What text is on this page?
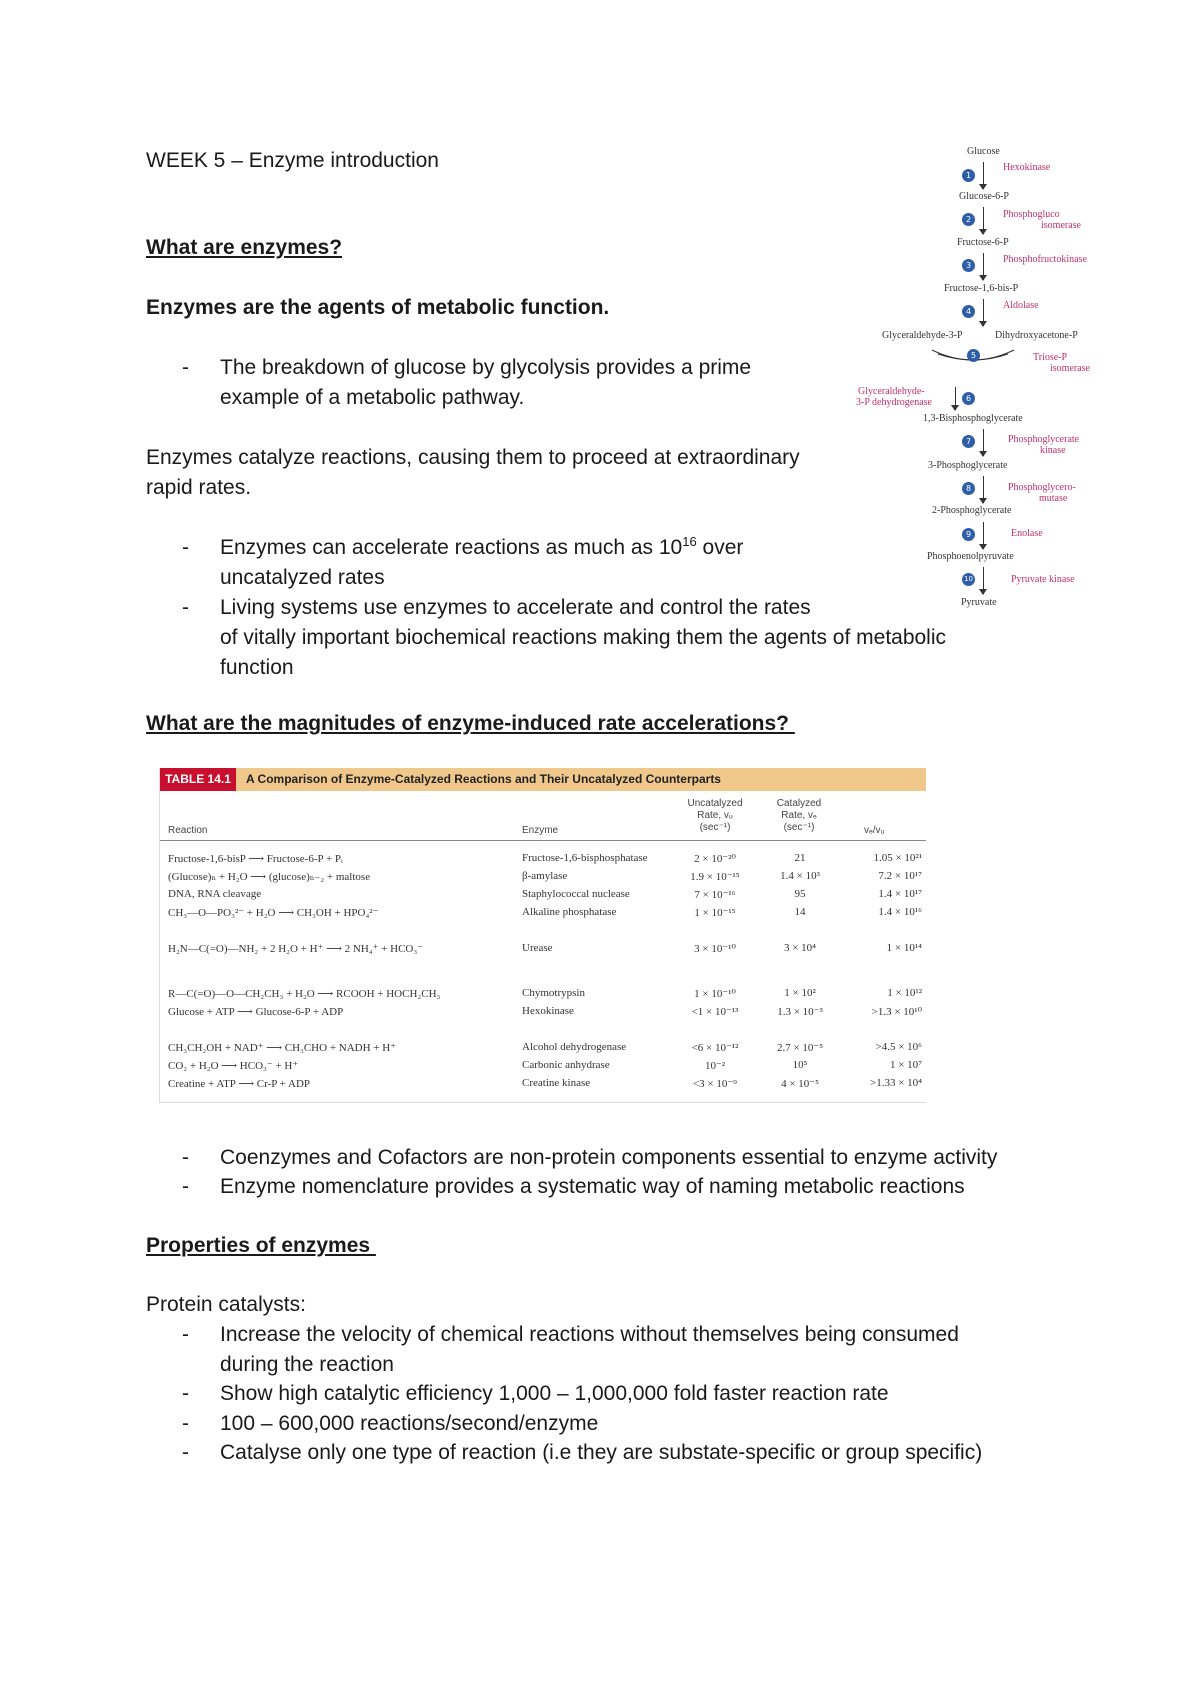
WEEK 5 – Enzyme introduction
What are enzymes?
Enzymes are the agents of metabolic function.
- The breakdown of glucose by glycolysis provides a prime
example of a metabolic pathway.
Enzymes catalyze reactions, causing them to proceed at extraordinary
rapid rates.
- Enzymes can accelerate reactions as much as $10^{16}$ over
uncatalyzed rates
- Living systems use enzymes to accelerate and control the rates
of vitally important biochemical reactions making them the agents of metabolic
function
What are the magnitudes of enzyme-induced rate accelerations?
Glucose
1
Hexokinase
Glucose-6-P
2	Phosphogluco
isomerase
Fructose-6-P
3
Phosphofructokinase
Fructose-1,6-bis-P
4
Aldolase
Glyceraldehyde-3-P	Dihydroxyacetone-P
5	Triose-P
isomerase
Glyceraldehyde-
3-P dehydrogenase	6
1,3-Bisphosphoglycerate
7	Phosphoglycerate
kinase
3-Phosphoglycerate
8	Phosphoglycero-
mutase
2-Phosphoglycerate
9	Enolase
Phosphoenolpyruvate
10	Pyruvate kinase
Pyruvate
TABLE 14.1	A Comparison of Enzyme-Catalyzed Reactions and Their Uncatalyzed Counterparts
Reaction	Enzyme
Uncatalyzed
Rate, vᵤ
(sec⁻¹)
Catalyzed
Rate, vₑ
(sec⁻¹)	vₑ/vᵤ
Fructose-1,6-bisP ⟶ Fructose-6-P + Pᵢ	Fructose-1,6-bisphosphatase	2 × 10⁻²⁰	21	1.05 × 10²¹
(Glucose)ₙ + H₂O ⟶ (glucose)ₙ₋₂ + maltose	β-amylase	1.9 × 10⁻¹⁵	1.4 × 10³	7.2 × 10¹⁷
DNA, RNA cleavage	Staphylococcal nuclease	7 × 10⁻¹⁶	95	1.4 × 10¹⁷
CH₃—O—PO₃²⁻ + H₂O ⟶ CH₃OH + HPO₄²⁻	Alkaline phosphatase	1 × 10⁻¹⁵	14	1.4 × 10¹⁶
H₂N—C(=O)—NH₂ + 2 H₂O + H⁺ ⟶ 2 NH₄⁺ + HCO₃⁻	Urease	3 × 10⁻¹⁰	3 × 10⁴	1 × 10¹⁴
R—C(=O)—O—CH₂CH₃ + H₂O ⟶ RCOOH + HOCH₂CH₃	Chymotrypsin	1 × 10⁻¹⁰	1 × 10²	1 × 10¹²
Glucose + ATP ⟶ Glucose-6-P + ADP	Hexokinase	<1 × 10⁻¹³	1.3 × 10⁻³	>1.3 × 10¹⁰
CH₃CH₂OH + NAD⁺ ⟶ CH₃CHO + NADH + H⁺	Alcohol dehydrogenase	<6 × 10⁻¹²	2.7 × 10⁻⁵	>4.5 × 10⁶
CO₂ + H₂O ⟶ HCO₃⁻ + H⁺	Carbonic anhydrase	10⁻²	10⁵	1 × 10⁷
Creatine + ATP ⟶ Cr-P + ADP	Creatine kinase	<3 × 10⁻⁹	4 × 10⁻⁵	>1.33 × 10⁴
- Coenzymes and Cofactors are non-protein components essential to enzyme activity
- Enzyme nomenclature provides a systematic way of naming metabolic reactions
Properties of enzymes
Protein catalysts:
- Increase the velocity of chemical reactions without themselves being consumed
during the reaction
- Show high catalytic efficiency 1,000 – 1,000,000 fold faster reaction rate
- 100 – 600,000 reactions/second/enzyme
- Catalyse only one type of reaction (i.e they are substate-specific or group specific)
